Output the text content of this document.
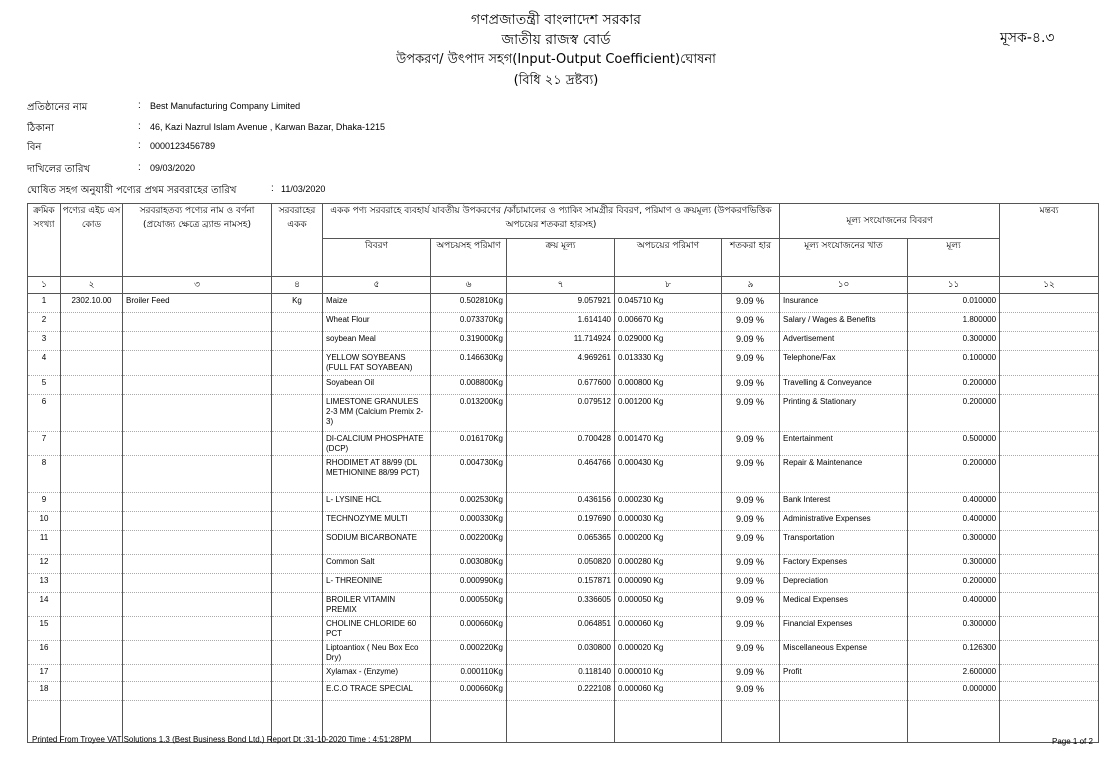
গণপ্রজাতন্ত্রী বাংলাদেশ সরকার
জাতীয় রাজস্ব বোর্ড
উপকরণ/ উৎপাদ সহগ(Input-Output Coefficient)ঘোষনা
(বিধি ২১ দ্রষ্টব্য)
মূসক-৪.৩
প্রতিষ্ঠানের নাম	: Best Manufacturing Company Limited
ঠিকানা	: 46, Kazi Nazrul Islam Avenue , Karwan Bazar, Dhaka-1215
বিন	: 0000123456789
দাখিলের তারিখ	: 09/03/2020
ঘোষিত সহগ অনুযায়ী পণ্যের প্রথম সরবরাহের তারিখ	: 11/03/2020
ক্রমিক সংখ্যা	পণ্যের এইচ এস কোড	সরবরাহতব্য পণ্যের নাম ও বর্ণনা (প্রযোজ্য ক্ষেত্রে ব্র্যান্ড নামসহ)	সরবরাহের একক	একক পণ্য সরবরাহে ব্যবহার্য যাবতীয় উপকরণের /কাঁচামালের ও প্যাকিং সামগ্রীর বিবরণ, পরিমাণ ও ক্রয়মূল্য (উপকরণভিত্তিক অপচয়ের শতকরা হারসহ)					মূল্য সংযোজনের বিবরণ		মন্তব্য
				বিবরণ	অপচয়সহ পরিমাণ	ক্রয় মূল্য	অপচয়ের পরিমাণ	শতকরা হার	মূল্য সংযোজনের খাত	মূল্য	
১	২	৩	৪	৫	৬	৭	৮	৯	১০	১১	১২
1	2302.10.00	Broiler Feed	Kg	Maize	0.502810Kg	9.057921	0.045710 Kg	9.09 %	Insurance	0.010000	
2				Wheat Flour	0.073370Kg	1.614140	0.006670 Kg	9.09 %	Salary / Wages & Benefits	1.800000	
3				soybean Meal	0.319000Kg	11.714924	0.029000 Kg	9.09 %	Advertisement	0.300000	
4				YELLOW SOYBEANS (FULL FAT SOYABEAN)	0.146630Kg	4.969261	0.013330 Kg	9.09 %	Telephone/Fax	0.100000	
5				Soyabean Oil	0.008800Kg	0.677600	0.000800 Kg	9.09 %	Travelling & Conveyance	0.200000	
6				LIMESTONE GRANULES 2-3 MM (Calcium Premix 2-3)	0.013200Kg	0.079512	0.001200 Kg	9.09 %	Printing & Stationary	0.200000	
7				DI-CALCIUM PHOSPHATE (DCP)	0.016170Kg	0.700428	0.001470 Kg	9.09 %	Entertainment	0.500000	
8				RHODIMET AT 88/99 (DL METHIONINE 88/99 PCT)	0.004730Kg	0.464766	0.000430 Kg	9.09 %	Repair & Maintenance	0.200000	
9				L- LYSINE HCL	0.002530Kg	0.436156	0.000230 Kg	9.09 %	Bank Interest	0.400000	
10				TECHNOZYME MULTI	0.000330Kg	0.197690	0.000030 Kg	9.09 %	Administrative Expenses	0.400000	
11				SODIUM BICARBONATE	0.002200Kg	0.065365	0.000200 Kg	9.09 %	Transportation	0.300000	
12				Common Salt	0.003080Kg	0.050820	0.000280 Kg	9.09 %	Factory Expenses	0.300000	
13				L- THREONINE	0.000990Kg	0.157871	0.000090 Kg	9.09 %	Depreciation	0.200000	
14				BROILER VITAMIN PREMIX	0.000550Kg	0.336605	0.000050 Kg	9.09 %	Medical Expenses	0.400000	
15				CHOLINE CHLORIDE 60 PCT	0.000660Kg	0.064851	0.000060 Kg	9.09 %	Financial Expenses	0.300000	
16				Liptoantiox ( Neu Box Eco Dry)	0.000220Kg	0.030800	0.000020 Kg	9.09 %	Miscellaneous Expense	0.126300	
17				Xylamax - (Enzyme)	0.000110Kg	0.118140	0.000010 Kg	9.09 %	Profit	2.600000	
18				E.C.O TRACE SPECIAL	0.000660Kg	0.222108	0.000060 Kg	9.09 %		0.000000	

Printed From Troyee VAT Solutions 1.3 (Best Business Bond Ltd.) Report Dt :31-10-2020 Time : 4:51:28PM	Page 1 of 2
